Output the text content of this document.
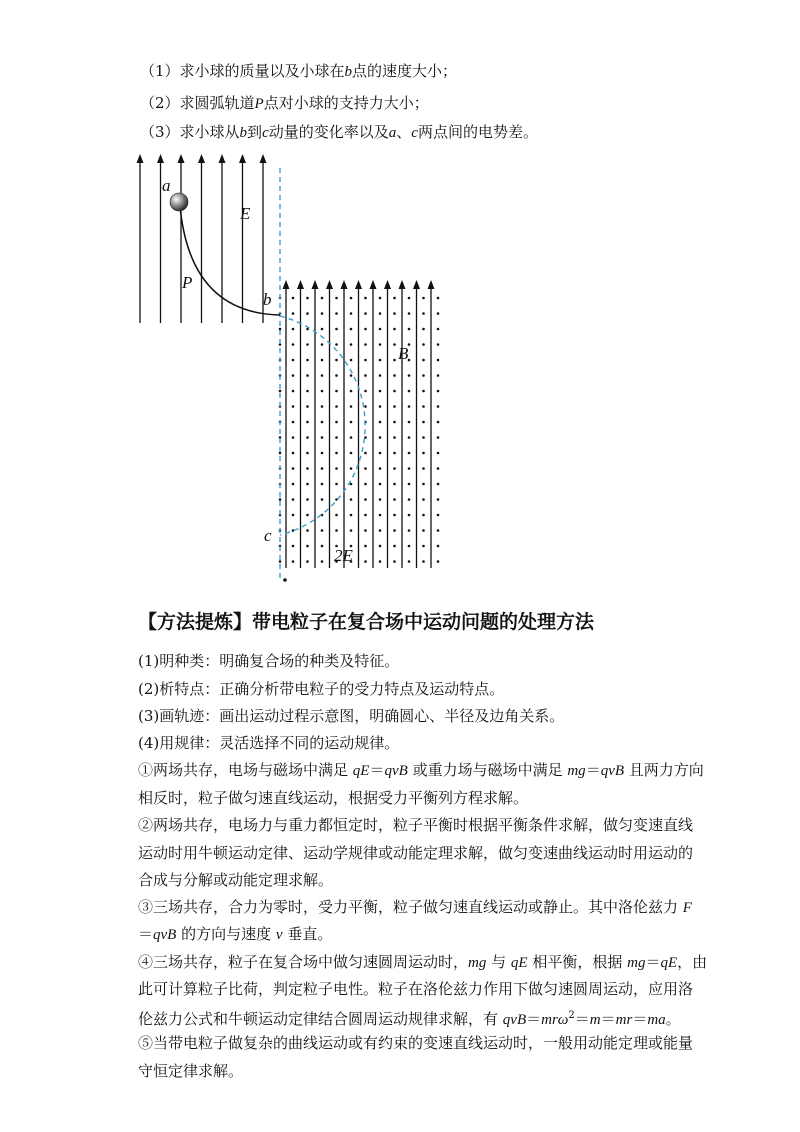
（1）求小球的质量以及小球在b点的速度大小；
（2）求圆弧轨道P点对小球的支持力大小；
（3）求小球从b到c动量的变化率以及a、c两点间的电势差。
a
P
E
b
B
c
2E
【方法提炼】带电粒子在复合场中运动问题的处理方法
(1)明种类：明确复合场的种类及特征。
(2)析特点：正确分析带电粒子的受力特点及运动特点。
(3)画轨迹：画出运动过程示意图，明确圆心、半径及边角关系。
(4)用规律：灵活选择不同的运动规律。
①两场共存，电场与磁场中满足 qE＝qvB 或重力场与磁场中满足 mg＝qvB 且两力方向
相反时，粒子做匀速直线运动，根据受力平衡列方程求解。
②两场共存，电场力与重力都恒定时，粒子平衡时根据平衡条件求解，做匀变速直线
运动时用牛顿运动定律、运动学规律或动能定理求解，做匀变速曲线运动时用运动的
合成与分解或动能定理求解。
③三场共存，合力为零时，受力平衡，粒子做匀速直线运动或静止。其中洛伦兹力 F
＝qvB 的方向与速度 v 垂直。
④三场共存，粒子在复合场中做匀速圆周运动时，mg 与 qE 相平衡，根据 mg＝qE，由
此可计算粒子比荷，判定粒子电性。粒子在洛伦兹力作用下做匀速圆周运动，应用洛
伦兹力公式和牛顿运动定律结合圆周运动规律求解，有 qvB＝mrω$^2$＝m＝mr＝ma。
⑤当带电粒子做复杂的曲线运动或有约束的变速直线运动时，一般用动能定理或能量
守恒定律求解。
